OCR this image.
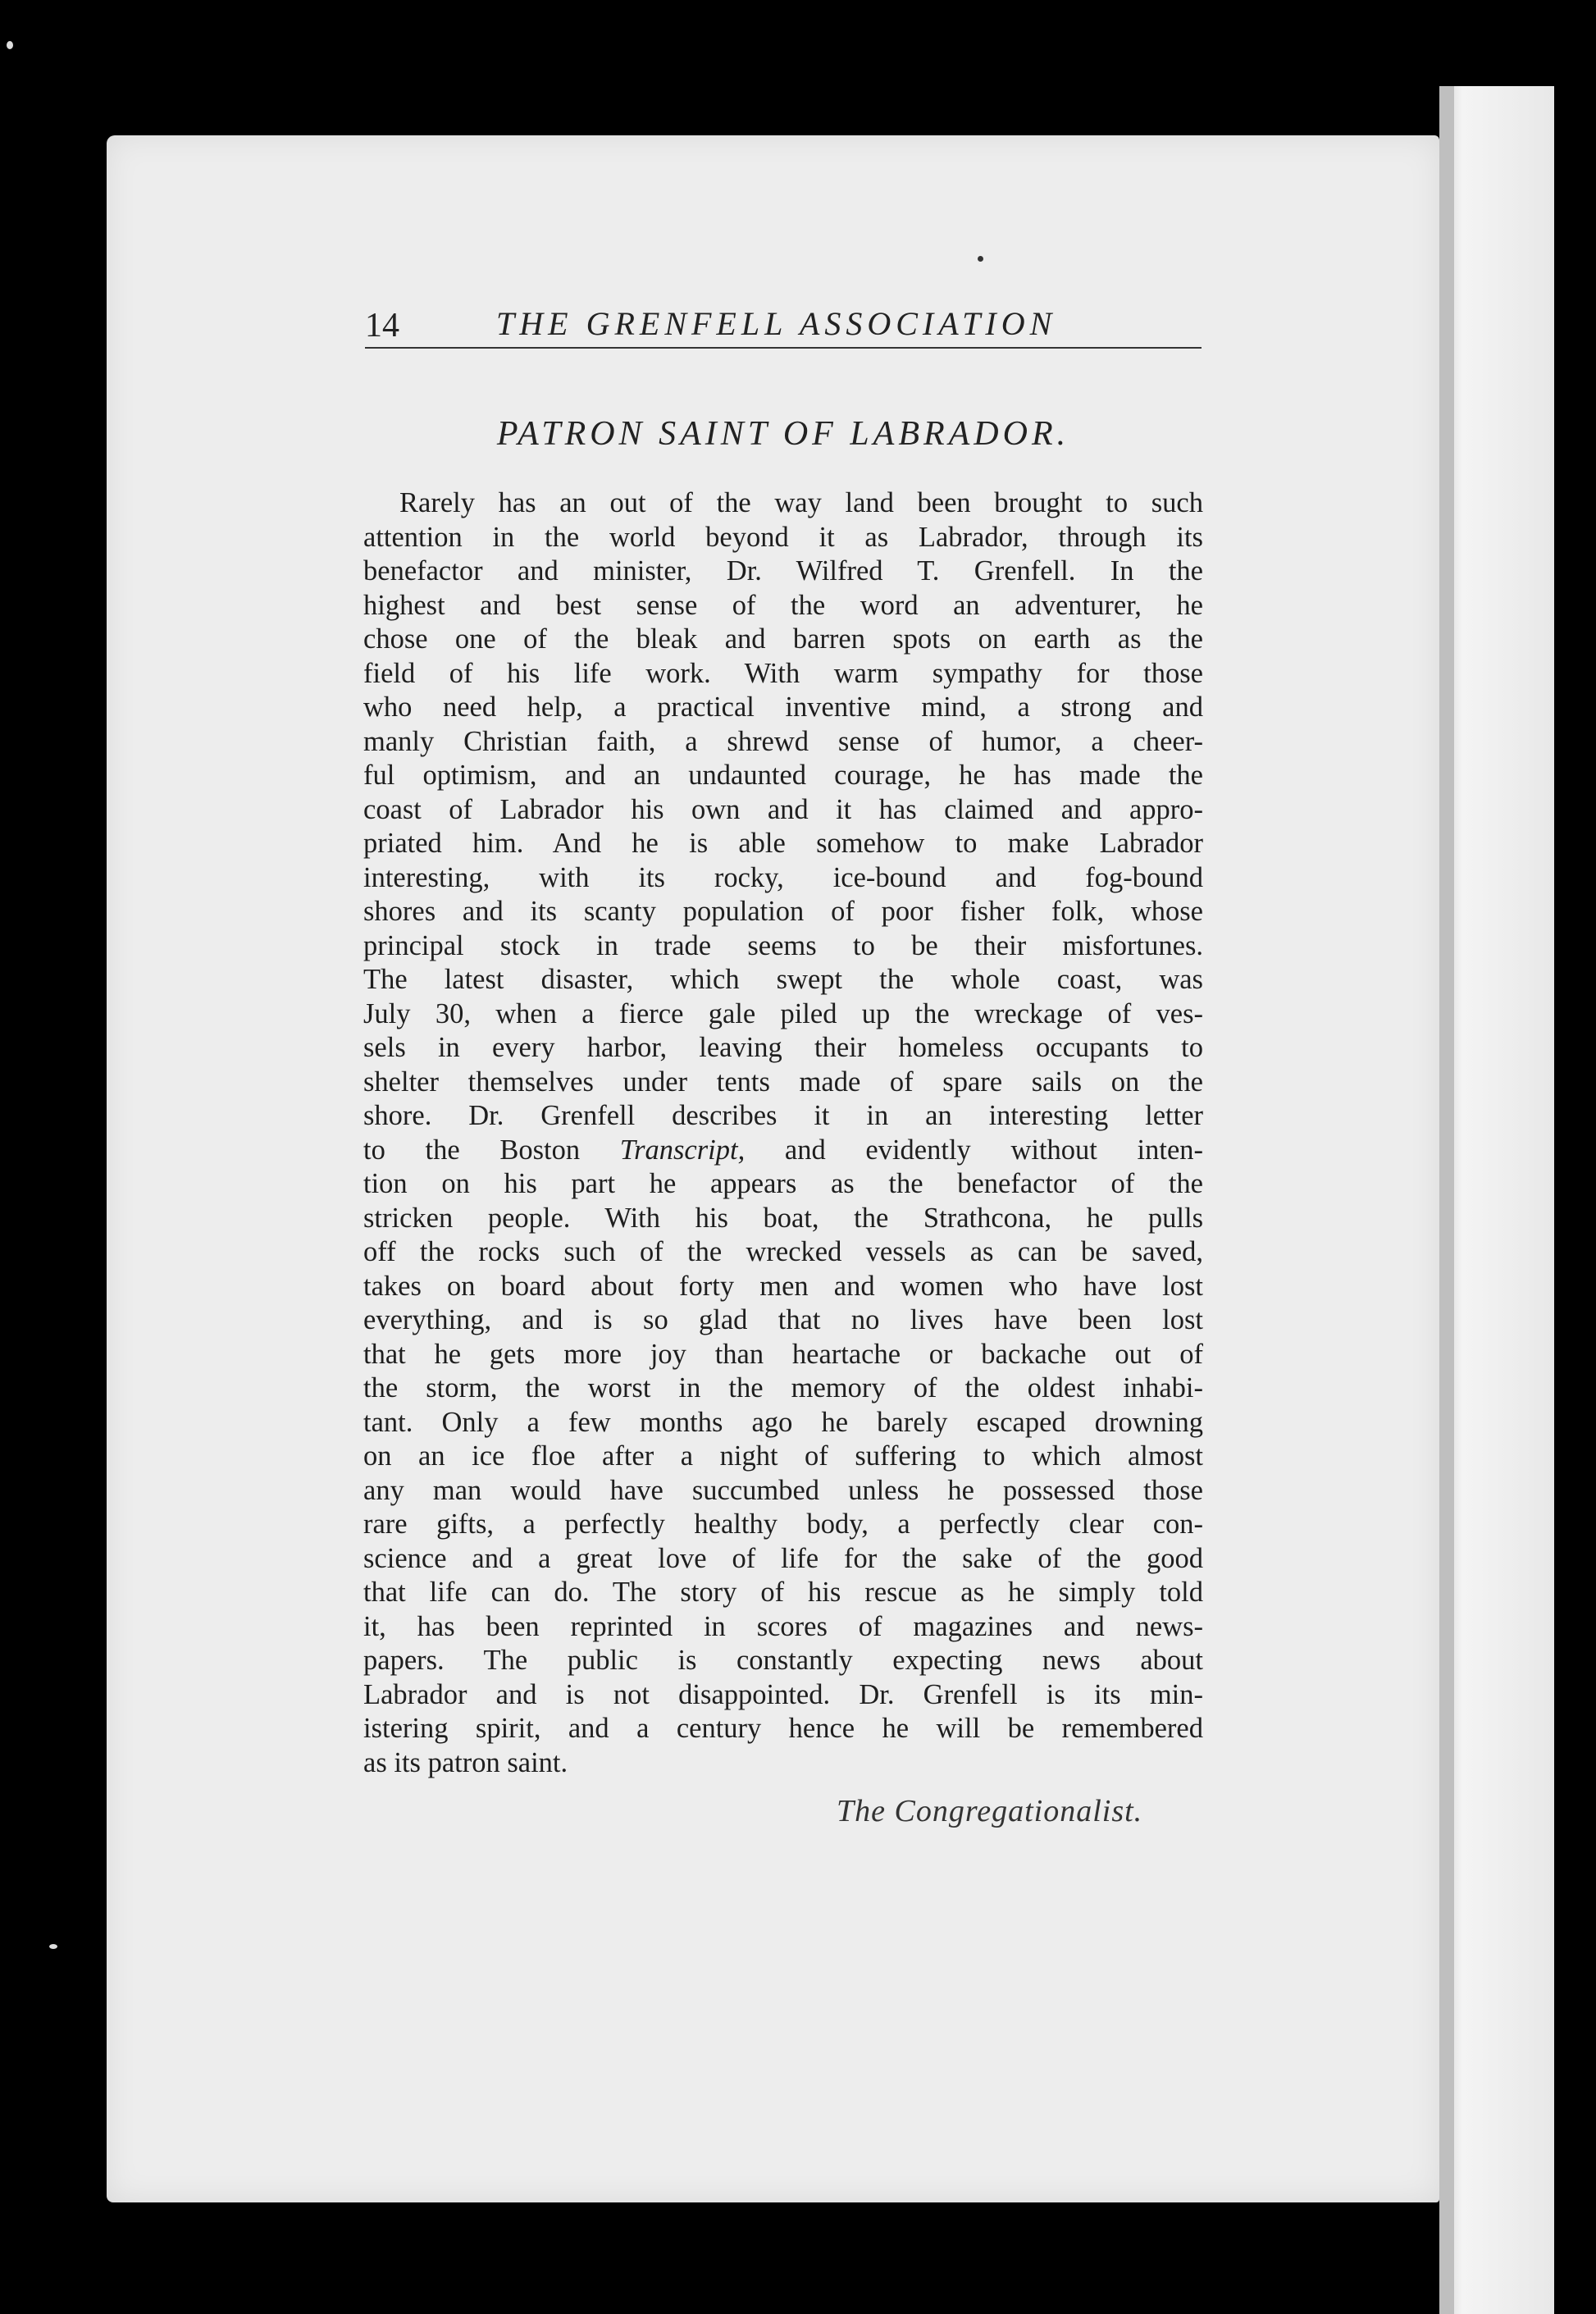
14	THE GRENFELL ASSOCIATION
PATRON SAINT OF LABRADOR.
Rarely has an out of the way land been brought to such
attention in the world beyond it as Labrador, through its
benefactor and minister, Dr. Wilfred T. Grenfell. In the
highest and best sense of the word an adventurer, he
chose one of the bleak and barren spots on earth as the
field of his life work. With warm sympathy for those
who need help, a practical inventive mind, a strong and
manly Christian faith, a shrewd sense of humor, a cheer-
ful optimism, and an undaunted courage, he has made the
coast of Labrador his own and it has claimed and appro-
priated him. And he is able somehow to make Labrador
interesting, with its rocky, ice-bound and fog-bound
shores and its scanty population of poor fisher folk, whose
principal stock in trade seems to be their misfortunes.
The latest disaster, which swept the whole coast, was
July 30, when a fierce gale piled up the wreckage of ves-
sels in every harbor, leaving their homeless occupants to
shelter themselves under tents made of spare sails on the
shore. Dr. Grenfell describes it in an interesting letter
to the Boston Transcript, and evidently without inten-
tion on his part he appears as the benefactor of the
stricken people. With his boat, the Strathcona, he pulls
off the rocks such of the wrecked vessels as can be saved,
takes on board about forty men and women who have lost
everything, and is so glad that no lives have been lost
that he gets more joy than heartache or backache out of
the storm, the worst in the memory of the oldest inhabi-
tant. Only a few months ago he barely escaped drowning
on an ice floe after a night of suffering to which almost
any man would have succumbed unless he possessed those
rare gifts, a perfectly healthy body, a perfectly clear con-
science and a great love of life for the sake of the good
that life can do. The story of his rescue as he simply told
it, has been reprinted in scores of magazines and news-
papers. The public is constantly expecting news about
Labrador and is not disappointed. Dr. Grenfell is its min-
istering spirit, and a century hence he will be remembered
as its patron saint.
The Congregationalist.
